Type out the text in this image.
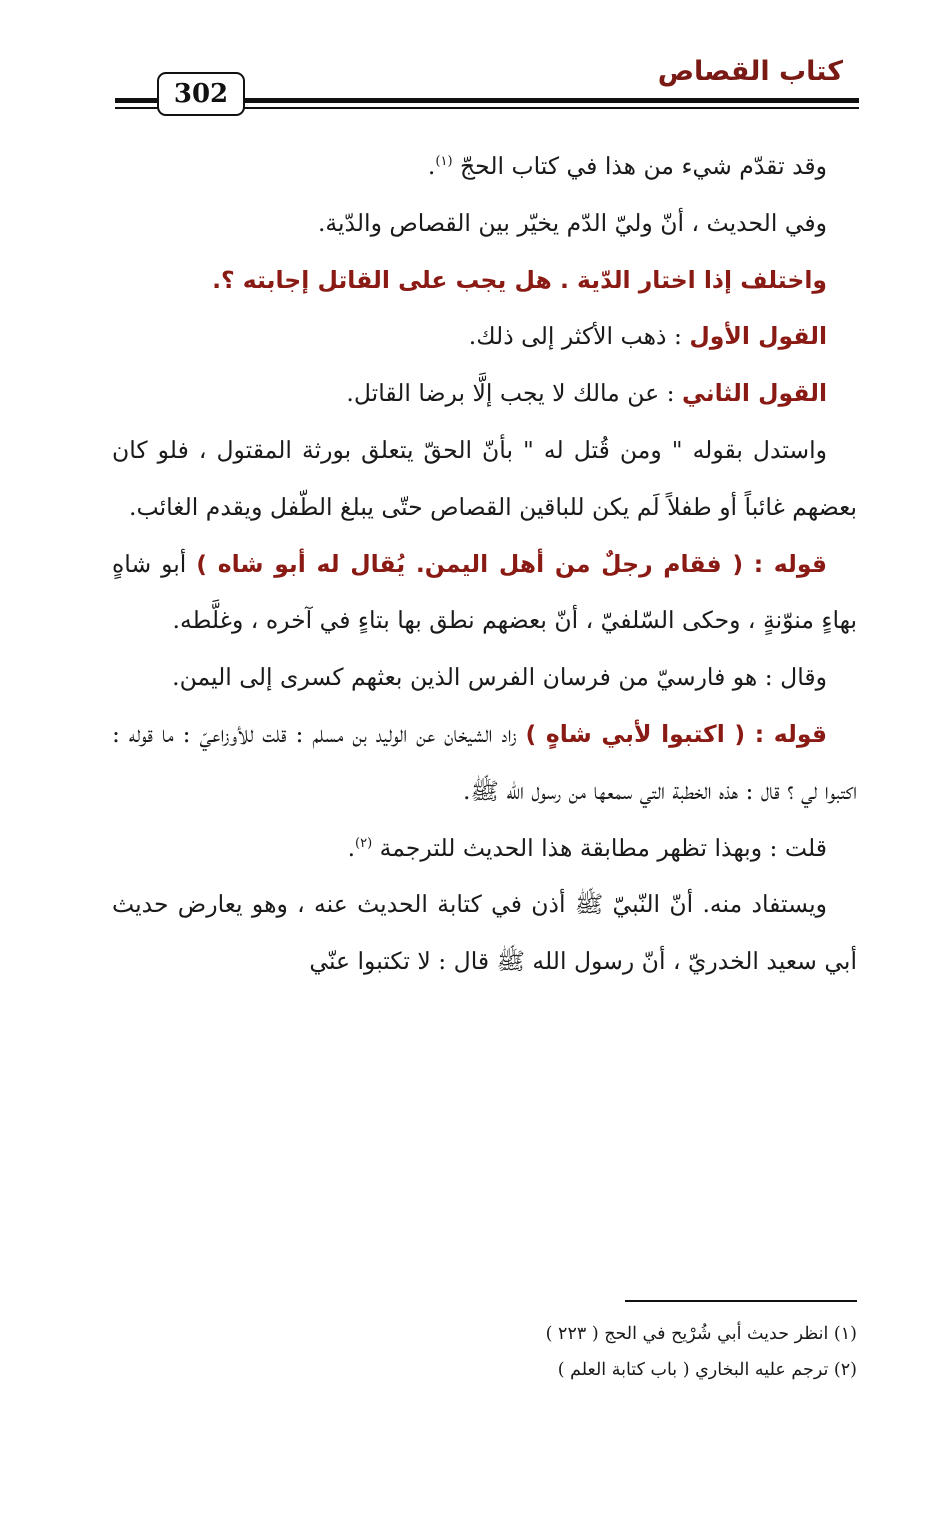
كتاب القصاص
302

وقد تقدّم شيء من هذا في كتاب الحجّ $^{(١)}$.

وفي الحديث ، أنّ وليّ الدّم يخيّر بين القصاص والدّية.

واختلف إذا اختار الدّية . هل يجب على القاتل إجابته ؟.

القول الأول : ذهب الأكثر إلى ذلك.

القول الثاني : عن مالك لا يجب إلَّا برضا القاتل.

واستدل بقوله " ومن قُتل له " بأنّ الحقّ يتعلق بورثة المقتول ، فلو كان بعضهم غائباً أو طفلاً لَم يكن للباقين القصاص حتّى يبلغ الطّفل ويقدم الغائب.

قوله : ( فقام رجلٌ من أهل اليمن. يُقال له أبو شاه ) أبو شاهٍ بهاءٍ منوّنةٍ ، وحكى السّلفيّ ، أنّ بعضهم نطق بها بتاءٍ في آخره ، وغلَّطه.

وقال : هو فارسيّ من فرسان الفرس الذين بعثهم كسرى إلى اليمن.

قوله : ( اكتبوا لأبي شاهٍ ) زاد الشيخان عن الوليد بن مسلم : قلت للأوزاعيّ : ما قوله : اكتبوا لي ؟ قال : هذه الخطبة التي سمعها من رسول الله ﷺ.

قلت : وبهذا تظهر مطابقة هذا الحديث للترجمة $^{(٢)}$.

ويستفاد منه. أنّ النّبيّ ﷺ أذن في كتابة الحديث عنه ، وهو يعارض حديث أبي سعيد الخدريّ ، أنّ رسول الله ﷺ قال : لا تكتبوا عنّي

(١) انظر حديث أبي شُرْيح في الحج ( ٢٢٣ )

(٢) ترجم عليه البخاري ( باب كتابة العلم )
